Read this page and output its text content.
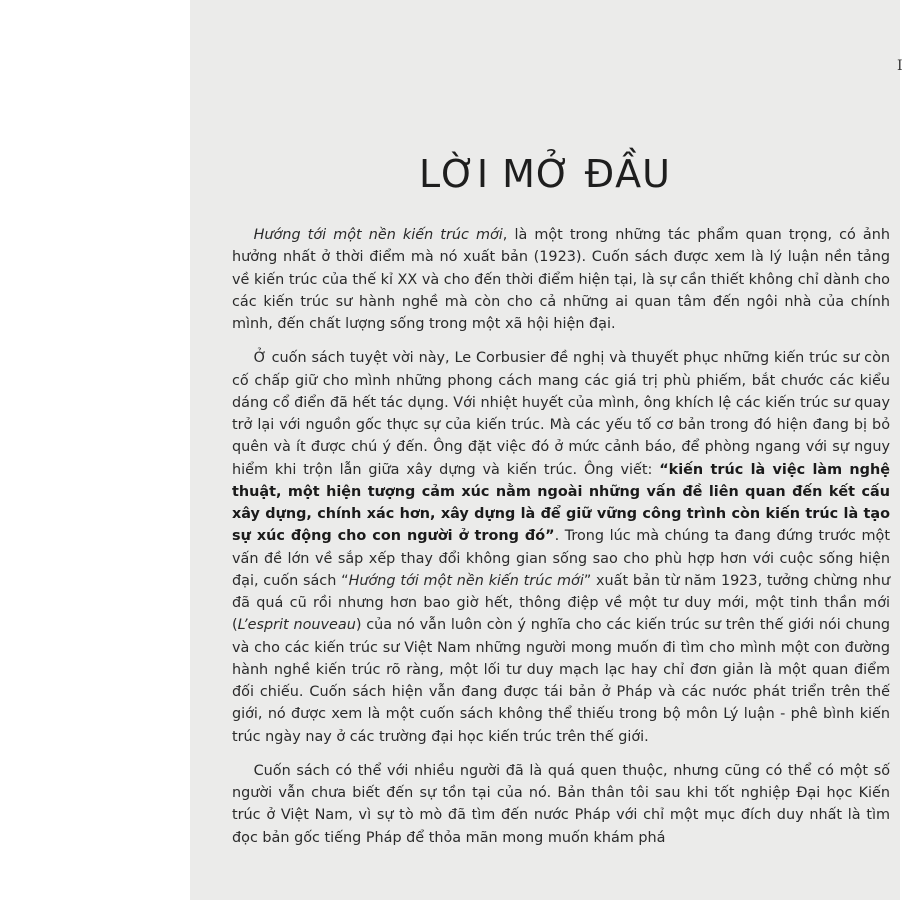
I
LỜI MỞ ĐẦU

  Hướng tới một nền kiến trúc mới, là một trong những tác phẩm quan trọng, có ảnh hưởng nhất ở thời điểm mà nó xuất bản (1923). Cuốn sách được xem là lý luận nền tảng về kiến trúc của thế kỉ XX và cho đến thời điểm hiện tại, là sự cần thiết không chỉ dành cho các kiến trúc sư hành nghề mà còn cho cả những ai quan tâm đến ngôi nhà của chính mình, đến chất lượng sống trong một xã hội hiện đại.

  Ở cuốn sách tuyệt vời này, Le Corbusier đề nghị và thuyết phục những kiến trúc sư còn cố chấp giữ cho mình những phong cách mang các giá trị phù phiếm, bắt chước các kiểu dáng cổ điển đã hết tác dụng. Với nhiệt huyết của mình, ông khích lệ các kiến trúc sư quay trở lại với nguồn gốc thực sự của kiến trúc. Mà các yếu tố cơ bản trong đó hiện đang bị bỏ quên và ít được chú ý đến. Ông đặt việc đó ở mức cảnh báo, để phòng ngang với sự nguy hiểm khi trộn lẫn giữa xây dựng và kiến trúc. Ông viết: “kiến trúc là việc làm nghệ thuật, một hiện tượng cảm xúc nằm ngoài những vấn đề liên quan đến kết cấu xây dựng, chính xác hơn, xây dựng là để giữ vững công trình còn kiến trúc là tạo sự xúc động cho con người ở trong đó”. Trong lúc mà chúng ta đang đứng trước một vấn đề lớn về sắp xếp thay đổi không gian sống sao cho phù hợp hơn với cuộc sống hiện đại, cuốn sách “Hướng tới một nền kiến trúc mới” xuất bản từ năm 1923, tưởng chừng như đã quá cũ rồi nhưng hơn bao giờ hết, thông điệp về một tư duy mới, một tinh thần mới (L’esprit nouveau) của nó vẫn luôn còn ý nghĩa cho các kiến trúc sư trên thế giới nói chung và cho các kiến trúc sư Việt Nam những người mong muốn đi tìm cho mình một con đường hành nghề kiến trúc rõ ràng, một lối tư duy mạch lạc hay chỉ đơn giản là một quan điểm đối chiếu. Cuốn sách hiện vẫn đang được tái bản ở Pháp và các nước phát triển trên thế giới, nó được xem là một cuốn sách không thể thiếu trong bộ môn Lý luận - phê bình kiến trúc ngày nay ở các trường đại học kiến trúc trên thế giới.

  Cuốn sách có thể với nhiều người đã là quá quen thuộc, nhưng cũng có thể có một số người vẫn chưa biết đến sự tồn tại của nó. Bản thân tôi sau khi tốt nghiệp Đại học Kiến trúc ở Việt Nam, vì sự tò mò đã tìm đến nước Pháp với chỉ một mục đích duy nhất là tìm đọc bản gốc tiếng Pháp để thỏa mãn mong muốn khám phá
